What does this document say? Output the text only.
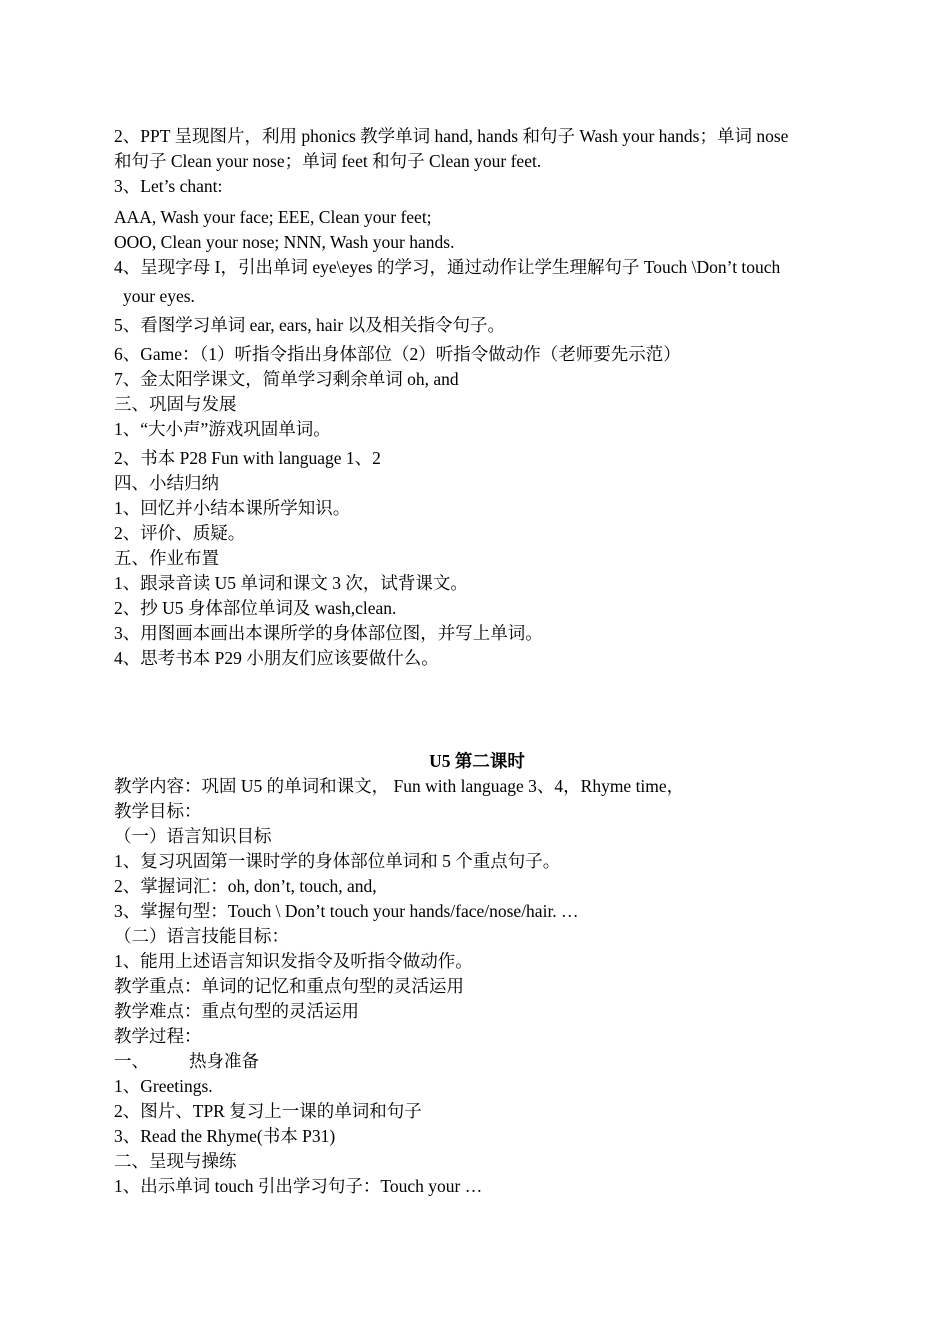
2、PPT 呈现图片，利用 phonics 教学单词 hand, hands 和句子 Wash your hands；单词 nose
和句子 Clean your nose；单词 feet 和句子 Clean your feet.
3、Let’s chant:
AAA, Wash your face; EEE, Clean your feet;
OOO, Clean your nose; NNN, Wash your hands.
4、呈现字母 I，引出单词 eye\eyes 的学习，通过动作让学生理解句子 Touch \Don’t touch
your eyes.
5、看图学习单词 ear, ears, hair 以及相关指令句子。
6、Game：（1）听指令指出身体部位（2）听指令做动作（老师要先示范）
7、金太阳学课文，简单学习剩余单词 oh, and
三、巩固与发展
1、“大小声”游戏巩固单词。
2、书本 P28 Fun with language 1、2
四、小结归纳
1、回忆并小结本课所学知识。
2、评价、质疑。
五、作业布置
1、跟录音读 U5 单词和课文 3 次，试背课文。
2、抄 U5 身体部位单词及 wash,clean.
3、用图画本画出本课所学的身体部位图，并写上单词。
4、思考书本 P29 小朋友们应该要做什么。
U5 第二课时
教学内容：巩固 U5 的单词和课文， Fun with language 3、4，Rhyme time，
教学目标：
（一）语言知识目标
1、复习巩固第一课时学的身体部位单词和 5 个重点句子。
2、掌握词汇：oh, don’t, touch, and,
3、掌握句型：Touch \ Don’t touch your hands/face/nose/hair. …
（二）语言技能目标：
1、能用上述语言知识发指令及听指令做动作。
教学重点：单词的记忆和重点句型的灵活运用
教学难点：重点句型的灵活运用
教学过程：
一、 热身准备
1、Greetings.
2、图片、TPR 复习上一课的单词和句子
3、Read the Rhyme(书本 P31)
二、呈现与操练
1、出示单词 touch 引出学习句子：Touch your …
